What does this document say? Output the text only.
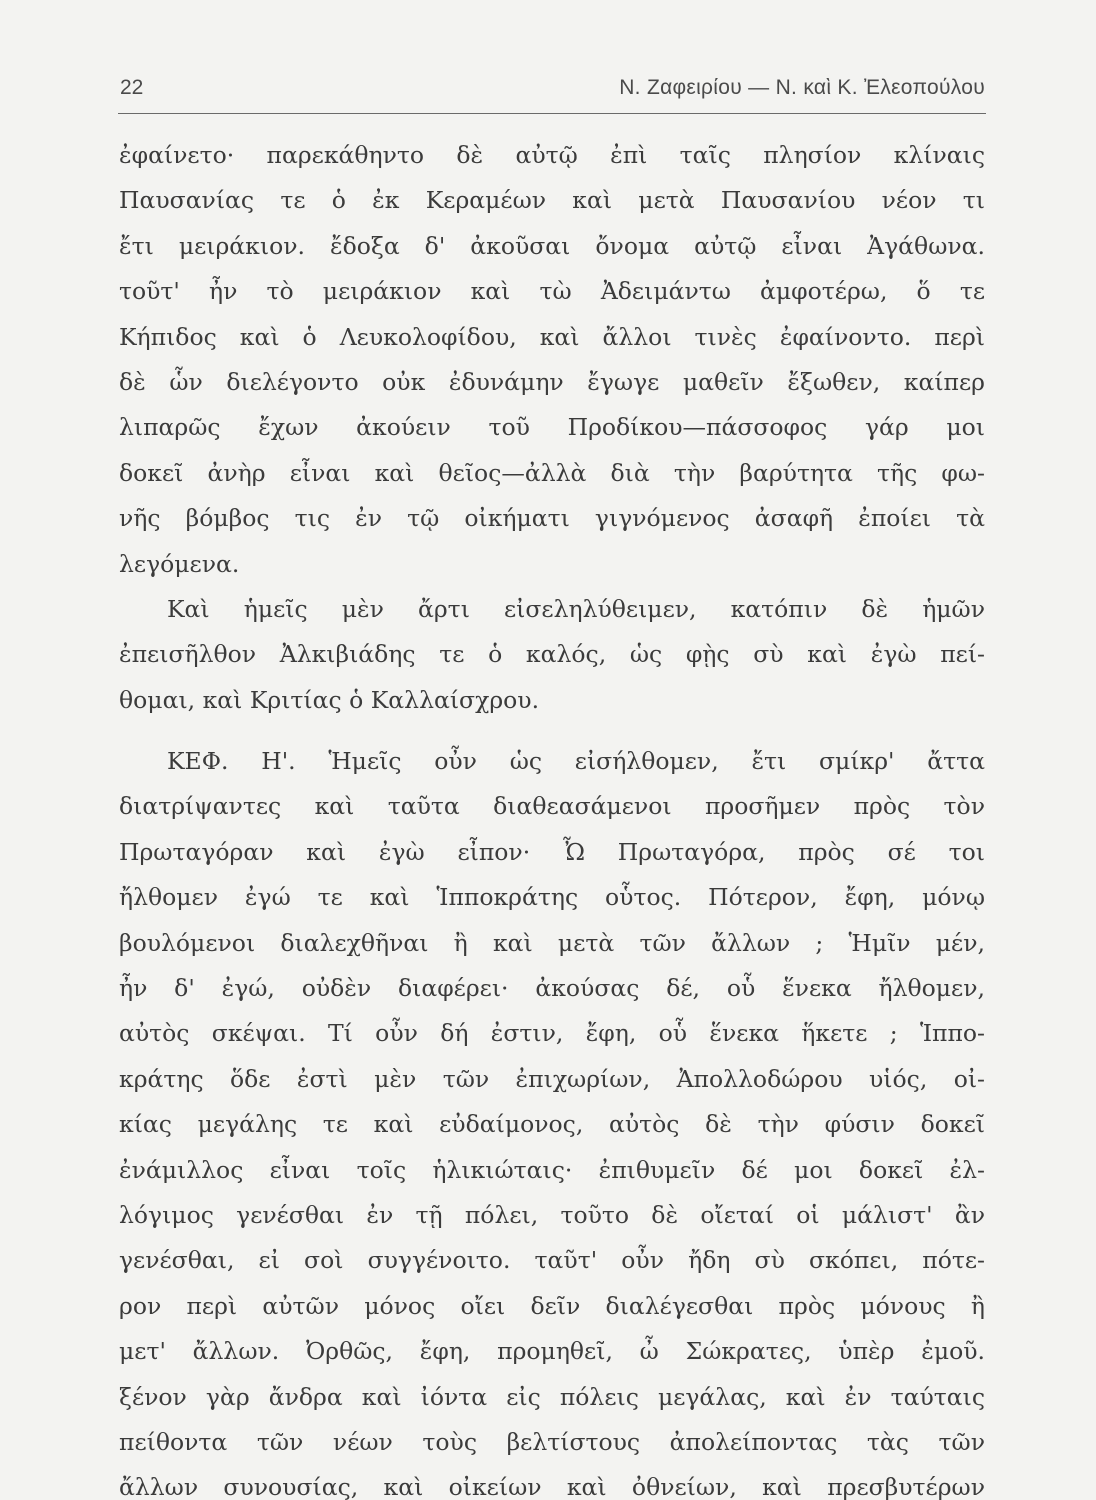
22	Ν. Ζαφειρίου — Ν. καὶ Κ. Ἐλεοπούλου
ἐφαίνετο· παρεκάθηντο δὲ αὐτῷ ἐπὶ ταῖς πλησίον κλίναις
Παυσανίας τε ὁ ἐκ Κεραμέων καὶ μετὰ Παυσανίου νέον τι
ἔτι μειράκιον. ἔδοξα δ' ἀκοῦσαι ὄνομα αὐτῷ εἶναι Ἀγάθωνα.
τοῦτ' ἦν τὸ μειράκιον καὶ τὼ Ἀδειμάντω ἀμφοτέρω, ὅ τε
Κήπιδος καὶ ὁ Λευκολοφίδου, καὶ ἄλλοι τινὲς ἐφαίνοντο. περὶ
δὲ ὧν διελέγοντο οὐκ ἐδυνάμην ἔγωγε μαθεῖν ἔξωθεν, καίπερ
λιπαρῶς ἔχων ἀκούειν τοῦ Προδίκου—πάσσοφος γάρ μοι
δοκεῖ ἀνὴρ εἶναι καὶ θεῖος—ἀλλὰ διὰ τὴν βαρύτητα τῆς φω-
νῆς βόμβος τις ἐν τῷ οἰκήματι γιγνόμενος ἀσαφῆ ἐποίει τὰ
λεγόμενα.
Καὶ ἡμεῖς μὲν ἄρτι εἰσεληλύθειμεν, κατόπιν δὲ ἡμῶν
ἐπεισῆλθον Ἀλκιβιάδης τε ὁ καλός, ὡς φῂς σὺ καὶ ἐγὼ πεί-
θομαι, καὶ Κριτίας ὁ Καλλαίσχρου.
ΚΕΦ. Η'. Ἡμεῖς οὖν ὡς εἰσήλθομεν, ἔτι σμίκρ' ἄττα
διατρίψαντες καὶ ταῦτα διαθεασάμενοι προσῆμεν πρὸς τὸν
Πρωταγόραν καὶ ἐγὼ εἶπον· Ὦ Πρωταγόρα, πρὸς σέ τοι
ἤλθομεν ἐγώ τε καὶ Ἱπποκράτης οὗτος. Πότερον, ἔφη, μόνῳ
βουλόμενοι διαλεχθῆναι ἢ καὶ μετὰ τῶν ἄλλων ; Ἡμῖν μέν,
ἦν δ' ἐγώ, οὐδὲν διαφέρει· ἀκούσας δέ, οὗ ἕνεκα ἤλθομεν,
αὐτὸς σκέψαι. Τί οὖν δή ἐστιν, ἔφη, οὗ ἕνεκα ἥκετε ; Ἱππο-
κράτης ὅδε ἐστὶ μὲν τῶν ἐπιχωρίων, Ἀπολλοδώρου υἱός, οἰ-
κίας μεγάλης τε καὶ εὐδαίμονος, αὐτὸς δὲ τὴν φύσιν δοκεῖ
ἐνάμιλλος εἶναι τοῖς ἡλικιώταις· ἐπιθυμεῖν δέ μοι δοκεῖ ἐλ-
λόγιμος γενέσθαι ἐν τῇ πόλει, τοῦτο δὲ οἴεταί οἱ μάλιστ' ἂν
γενέσθαι, εἰ σοὶ συγγένοιτο. ταῦτ' οὖν ἤδη σὺ σκόπει, πότε-
ρον περὶ αὐτῶν μόνος οἴει δεῖν διαλέγεσθαι πρὸς μόνους ἢ
μετ' ἄλλων. Ὀρθῶς, ἔφη, προμηθεῖ, ὦ Σώκρατες, ὑπὲρ ἐμοῦ.
ξένον γὰρ ἄνδρα καὶ ἰόντα εἰς πόλεις μεγάλας, καὶ ἐν ταύταις
πείθοντα τῶν νέων τοὺς βελτίστους ἀπολείποντας τὰς τῶν
ἄλλων συνουσίας, καὶ οἰκείων καὶ ὀθνείων, καὶ πρεσβυτέρων
